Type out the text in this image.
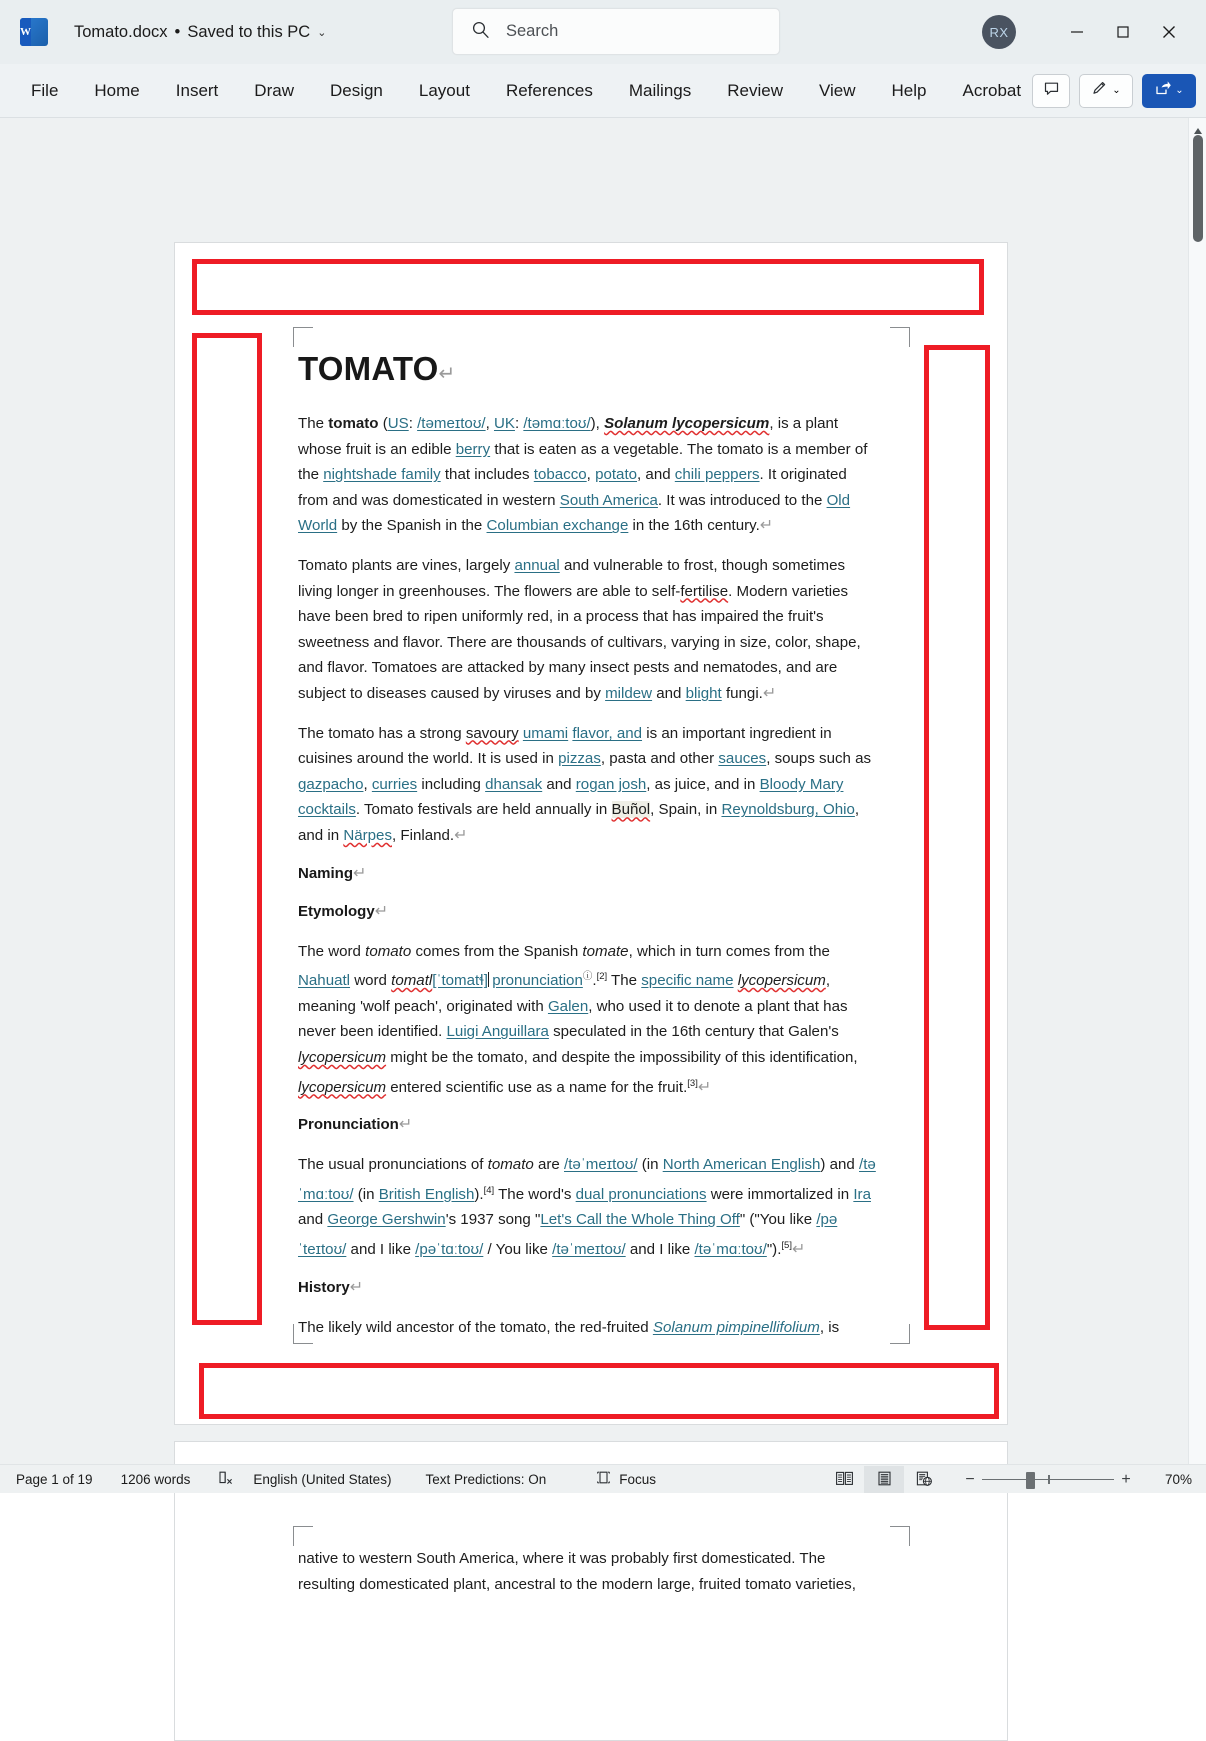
W
Tomato.docx • Saved to this PC ⌄	Search	RX
File	Home	Insert	Draw	Design	Layout	References	Mailings	Review	View	Help	Acrobat	⌄	⌄
TOMATO↵

The tomato (US: /təmeɪtoʊ/, UK: /təmɑːtoʊ/), Solanum lycopersicum, is a plant whose fruit is an edible berry that is eaten as a vegetable. The tomato is a member of the nightshade family that includes tobacco, potato, and chili peppers. It originated from and was domesticated in western South America. It was introduced to the Old World by the Spanish in the Columbian exchange in the 16th century.↵

Tomato plants are vines, largely annual and vulnerable to frost, though sometimes living longer in greenhouses. The flowers are able to self-fertilise. Modern varieties have been bred to ripen uniformly red, in a process that has impaired the fruit's sweetness and flavor. There are thousands of cultivars, varying in size, color, shape, and flavor. Tomatoes are attacked by many insect pests and nematodes, and are subject to diseases caused by viruses and by mildew and blight fungi.↵

The tomato has a strong savoury umami flavor, and is an important ingredient in cuisines around the world. It is used in pizzas, pasta and other sauces, soups such as gazpacho, curries including dhansak and rogan josh, as juice, and in Bloody Mary cocktails. Tomato festivals are held annually in Buñol, Spain, in Reynoldsburg, Ohio, and in Närpes, Finland.↵

Naming↵
Etymology↵

The word tomato comes from the Spanish tomate, which in turn comes from the Nahuatl word tomatl[ˈtomatɬ] pronunciationⓘ.[2] The specific name lycopersicum, meaning 'wolf peach', originated with Galen, who used it to denote a plant that has never been identified. Luigi Anguillara speculated in the 16th century that Galen's lycopersicum might be the tomato, and despite the impossibility of this identification, lycopersicum entered scientific use as a name for the fruit.[3]↵

Pronunciation↵

The usual pronunciations of tomato are /təˈmeɪtoʊ/ (in North American English) and /təˈmɑːtoʊ/ (in British English).[4] The word's dual pronunciations were immortalized in Ira and George Gershwin's 1937 song "Let's Call the Whole Thing Off" ("You like /pəˈteɪtoʊ/ and I like /pəˈtɑːtoʊ/ / You like /təˈmeɪtoʊ/ and I like /təˈmɑːtoʊ/").[5]↵

History↵

The likely wild ancestor of the tomato, the red-fruited Solanum pimpinellifolium, is

native to western South America, where it was probably first domesticated. The resulting domesticated plant, ancestral to the modern large, fruited tomato varieties,

Page 1 of 19 1206 words	English (United States)	Text Predictions: On	Focus	−	+	70%
